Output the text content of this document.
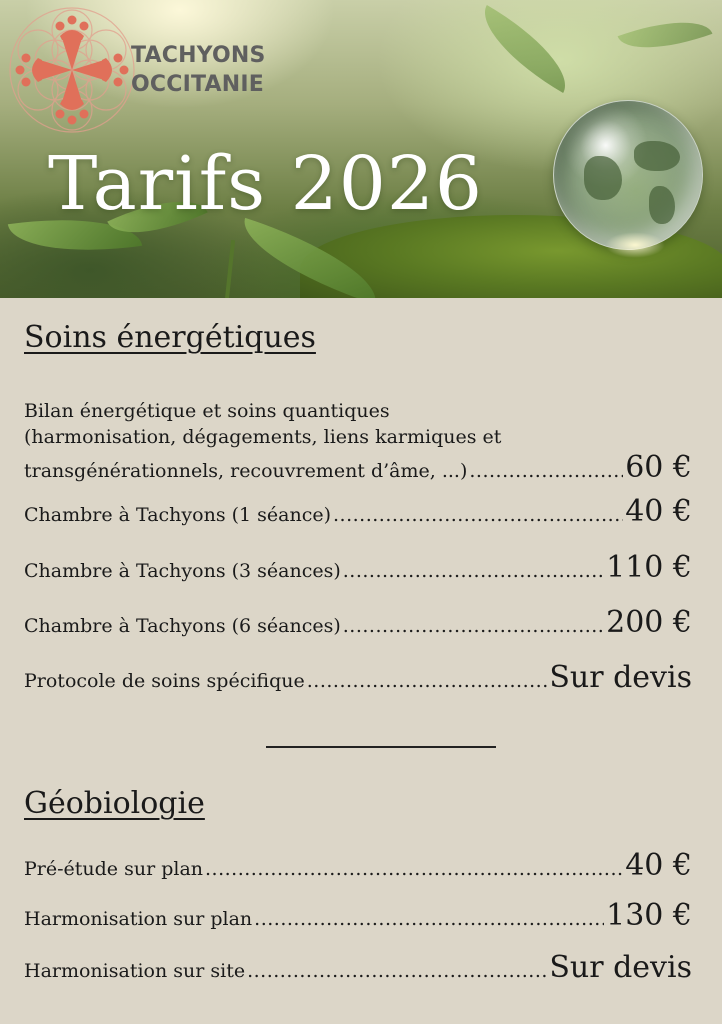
TACHYONS
OCCITANIE
Tarifs 2026
Soins énergétiques
Bilan énergétique et soins quantiques
(harmonisation, dégagements, liens karmiques et
transgénérationnels, recouvrement d’âme, ...) .....	60 €
Chambre à Tachyons (1 séance) .....	40 €
Chambre à Tachyons (3 séances) .....	110 €
Chambre à Tachyons (6 séances) .....	200 €
Protocole de soins spécifique .....	Sur devis
Géobiologie
Pré-étude sur plan .....	40 €
Harmonisation sur plan .....	130 €
Harmonisation sur site .....	Sur devis
